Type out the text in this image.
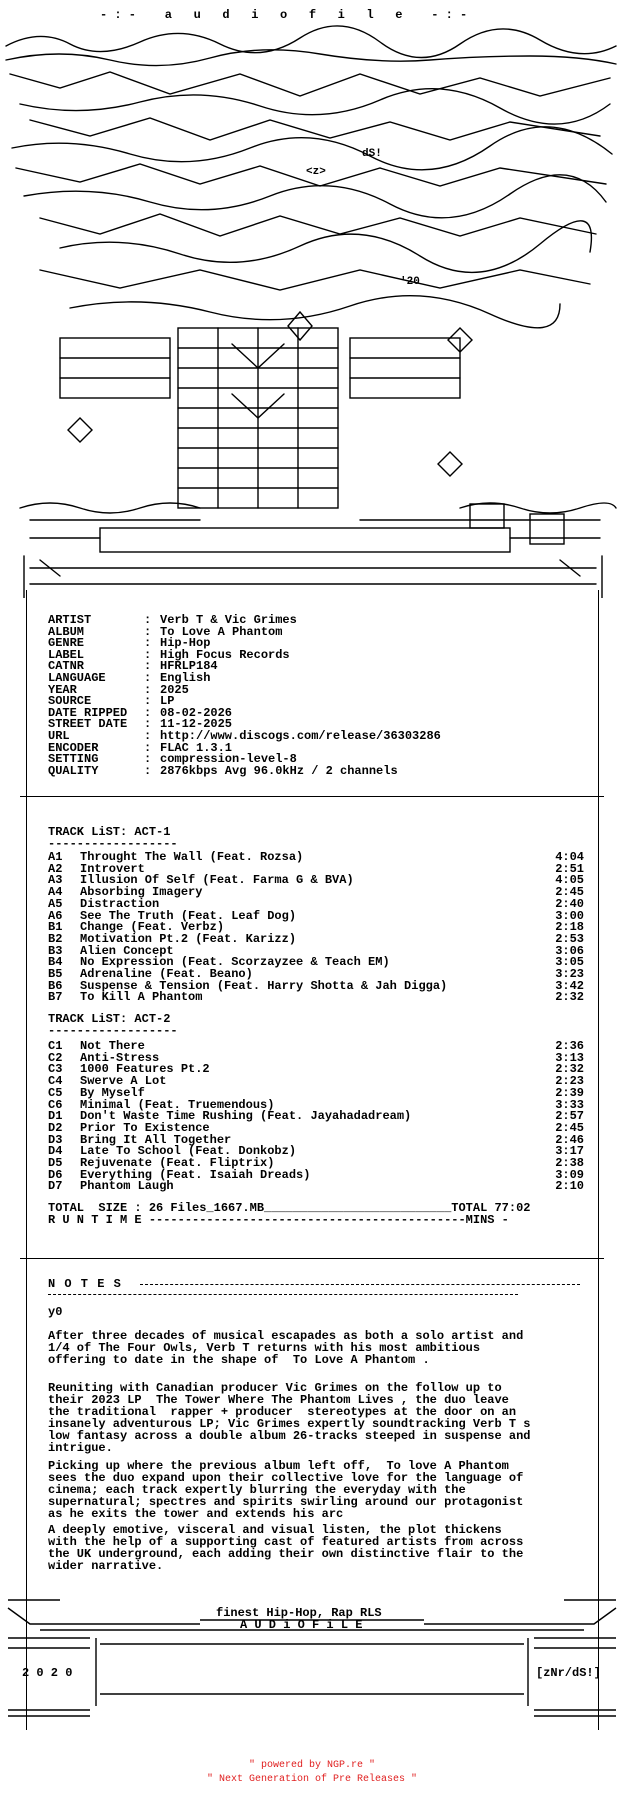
- : -    a   u   d   i   o   f   i   l   e    - : -
<z>
dS!
'20
ARTIST	: Verb T & Vic Grimes
ALBUM	: To Love A Phantom
GENRE	: Hip-Hop
LABEL	: High Focus Records
CATNR	: HFRLP184
LANGUAGE	: English
YEAR	: 2025
SOURCE	: LP
DATE RIPPED : 08-02-2026
STREET DATE : 11-12-2025
URL	: http://www.discogs.com/release/36303286
ENCODER	: FLAC 1.3.1
SETTING	: compression-level-8
QUALITY	: 2876kbps Avg 96.0kHz / 2 channels
TRACK LiST: ACT-1
------------------
A1 Throught The Wall (Feat. Rozsa)	4:04
A2 Introvert	2:51
A3 Illusion Of Self (Feat. Farma G & BVA)	4:05
A4 Absorbing Imagery	2:45
A5 Distraction	2:40
A6 See The Truth (Feat. Leaf Dog)	3:00
B1 Change (Feat. Verbz)	2:18
B2 Motivation Pt.2 (Feat. Karizz)	2:53
B3 Alien Concept	3:06
B4 No Expression (Feat. Scorzayzee & Teach EM)	3:05
B5 Adrenaline (Feat. Beano)	3:23
B6 Suspense & Tension (Feat. Harry Shotta & Jah Digga)	3:42
B7 To Kill A Phantom	2:32
TRACK LiST: ACT-2
------------------
C1 Not There	2:36
C2 Anti-Stress	3:13
C3 1000 Features Pt.2	2:32
C4 Swerve A Lot	2:23
C5 By Myself	2:39
C6 Minimal (Feat. Truemendous)	3:33
D1 Don't Waste Time Rushing (Feat. Jayahadadream)	2:57
D2 Prior To Existence	2:45
D3 Bring It All Together	2:46
D4 Late To School (Feat. Donkobz)	3:17
D5 Rejuvenate (Feat. Fliptrix)	2:38
D6 Everything (Feat. Isaiah Dreads)	3:09
D7 Phantom Laugh	2:10
TOTAL  SIZE : 26 Files_1667.MB__________________________TOTAL 77:02
R U N T I M E --------------------------------------------MINS -
N O T E S
y0
After three decades of musical escapades as both a solo artist and
1/4 of The Four Owls, Verb T returns with his most ambitious
offering to date in the shape of  To Love A Phantom .
Reuniting with Canadian producer Vic Grimes on the follow up to
their 2023 LP  The Tower Where The Phantom Lives , the duo leave
the traditional  rapper + producer  stereotypes at the door on an
insanely adventurous LP; Vic Grimes expertly soundtracking Verb T s
low fantasy across a double album 26-tracks steeped in suspense and
intrigue.
Picking up where the previous album left off,  To love A Phantom
sees the duo expand upon their collective love for the language of
cinema; each track expertly blurring the everyday with the
supernatural; spectres and spirits swirling around our protagonist
as he exits the tower and extends his arc
A deeply emotive, visceral and visual listen, the plot thickens
with the help of a supporting cast of featured artists from across
the UK underground, each adding their own distinctive flair to the
wider narrative.
finest Hip-Hop, Rap RLS
A U D i O F i L E
2 0 2 0	[zNr/dS!]
" powered by NGP.re "
" Next Generation of Pre Releases "
